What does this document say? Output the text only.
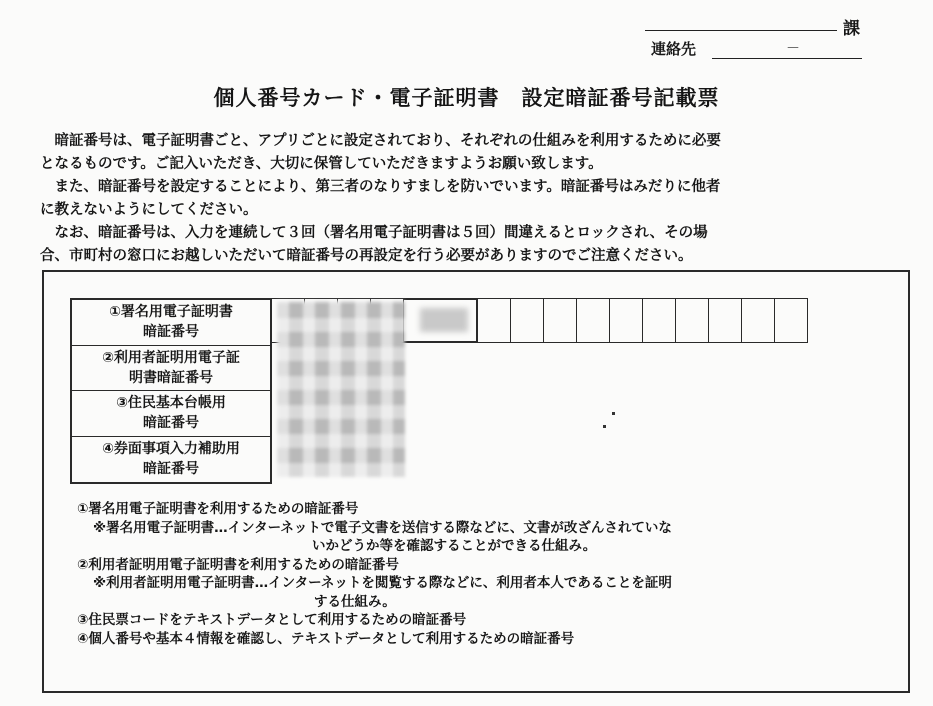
課
連絡先	－
個人番号カード・電子証明書　設定暗証番号記載票

　暗証番号は、電子証明書ごと、アプリごとに設定されており、それぞれの仕組みを利用するために必要

となるものです。ご記入いただき、大切に保管していただきますようお願い致します。

　また、暗証番号を設定することにより、第三者のなりすましを防いでいます。暗証番号はみだりに他者

に教えないようにしてください。

　なお、暗証番号は、入力を連続して３回（署名用電子証明書は５回）間違えるとロックされ、その場

合、市町村の窓口にお越しいただいて暗証番号の再設定を行う必要がありますのでご注意ください。

①署名用電子証明書
暗証番号
②利用者証明用電子証
明書暗証番号
③住民基本台帳用
暗証番号
④券面事項入力補助用
暗証番号

①署名用電子証明書を利用するための暗証番号

※署名用電子証明書…インターネットで電子文書を送信する際などに、文書が改ざんされていな

いかどうか等を確認することができる仕組み。

②利用者証明用電子証明書を利用するための暗証番号

※利用者証明用電子証明書…インターネットを閲覧する際などに、利用者本人であることを証明

する仕組み。

③住民票コードをテキストデータとして利用するための暗証番号

④個人番号や基本４情報を確認し、テキストデータとして利用するための暗証番号
